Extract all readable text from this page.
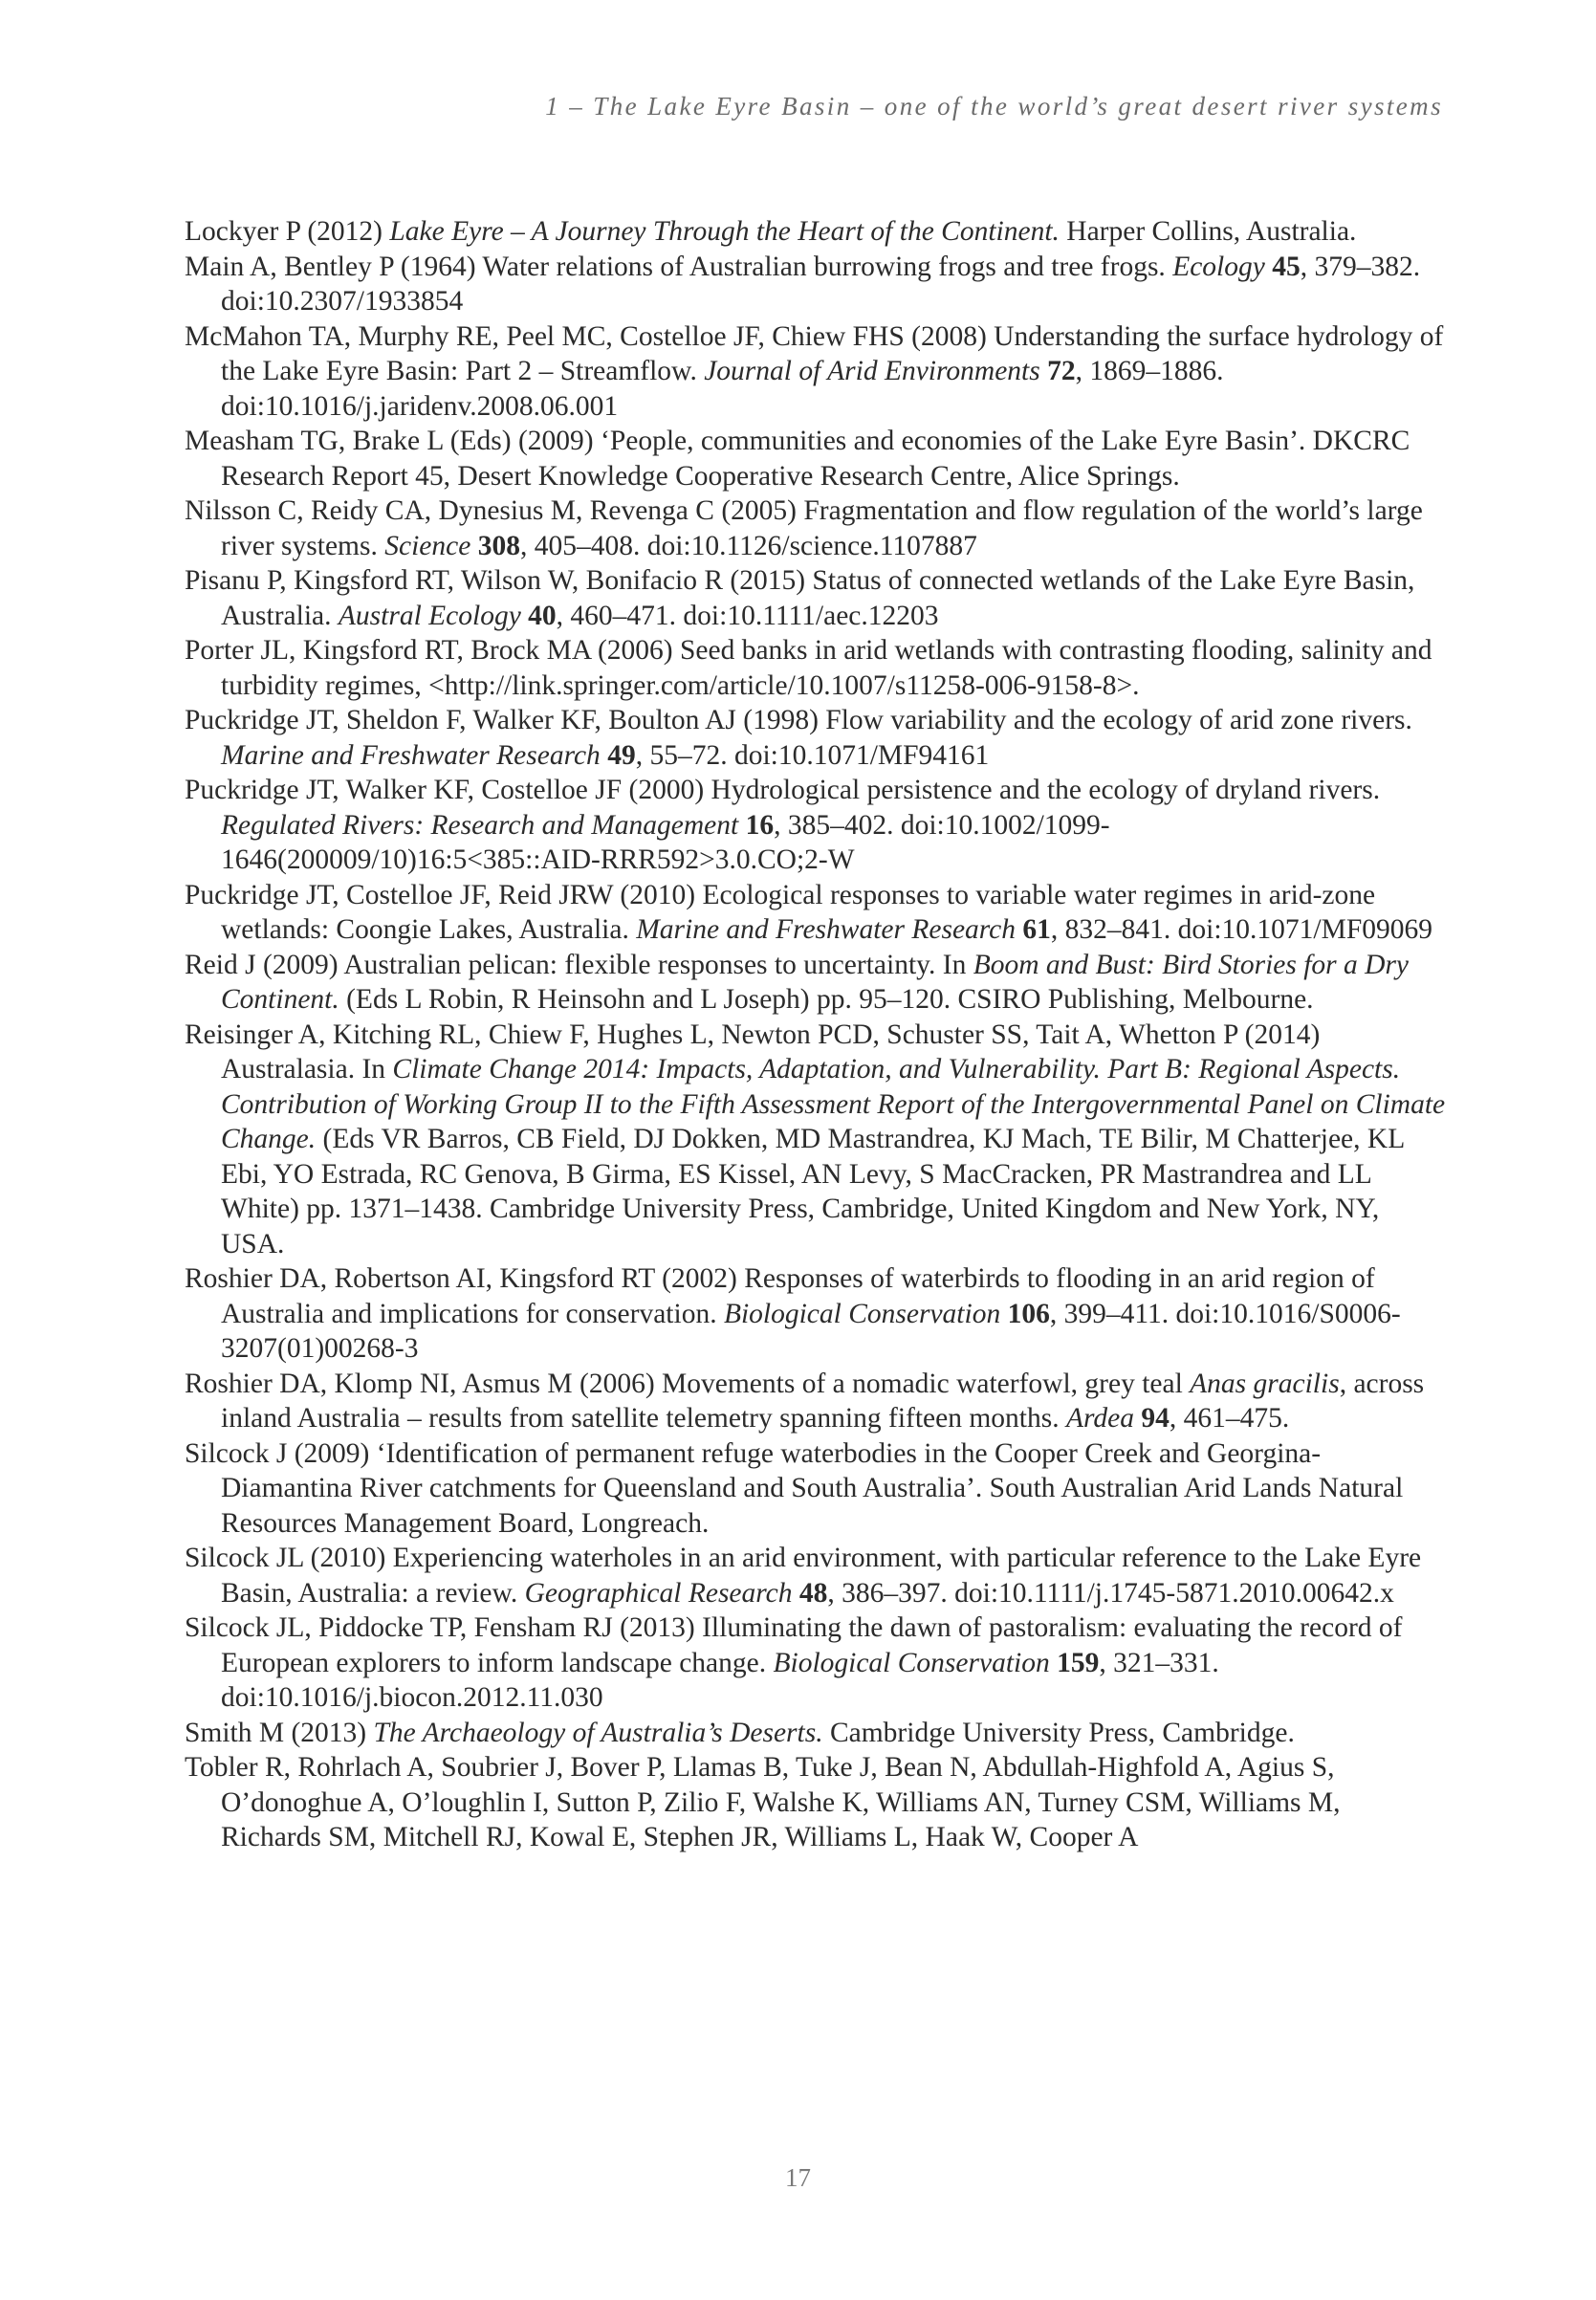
1 – The Lake Eyre Basin – one of the world’s great desert river systems

Lockyer P (2012) Lake Eyre – A Journey Through the Heart of the Continent. Harper Collins, Australia.

Main A, Bentley P (1964) Water relations of Australian burrowing frogs and tree frogs. Ecology 45, 379–382. doi:10.2307/1933854

McMahon TA, Murphy RE, Peel MC, Costelloe JF, Chiew FHS (2008) Understanding the surface hydrology of the Lake Eyre Basin: Part 2 – Streamflow. Journal of Arid Environments 72, 1869–1886. doi:10.1016/j.jaridenv.2008.06.001

Measham TG, Brake L (Eds) (2009) ‘People, communities and economies of the Lake Eyre Basin’. DKCRC Research Report 45, Desert Knowledge Cooperative Research Centre, Alice Springs.

Nilsson C, Reidy CA, Dynesius M, Revenga C (2005) Fragmentation and flow regulation of the world’s large river systems. Science 308, 405–408. doi:10.1126/science.1107887

Pisanu P, Kingsford RT, Wilson W, Bonifacio R (2015) Status of connected wetlands of the Lake Eyre Basin, Australia. Austral Ecology 40, 460–471. doi:10.1111/aec.12203

Porter JL, Kingsford RT, Brock MA (2006) Seed banks in arid wetlands with contrasting flooding, salinity and turbidity regimes, <http://link.springer.com/article/10.1007/s11258-006-9158-8>.

Puckridge JT, Sheldon F, Walker KF, Boulton AJ (1998) Flow variability and the ecology of arid zone rivers. Marine and Freshwater Research 49, 55–72. doi:10.1071/MF94161

Puckridge JT, Walker KF, Costelloe JF (2000) Hydrological persistence and the ecology of dryland rivers. Regulated Rivers: Research and Management 16, 385–402. doi:10.1002/1099-1646(200009/10)16:5<385::AID-RRR592>3.0.CO;2-W

Puckridge JT, Costelloe JF, Reid JRW (2010) Ecological responses to variable water regimes in arid-zone wetlands: Coongie Lakes, Australia. Marine and Freshwater Research 61, 832–841. doi:10.1071/MF09069

Reid J (2009) Australian pelican: flexible responses to uncertainty. In Boom and Bust: Bird Stories for a Dry Continent. (Eds L Robin, R Heinsohn and L Joseph) pp. 95–120. CSIRO Publishing, Melbourne.

Reisinger A, Kitching RL, Chiew F, Hughes L, Newton PCD, Schuster SS, Tait A, Whetton P (2014) Australasia. In Climate Change 2014: Impacts, Adaptation, and Vulnerability. Part B: Regional Aspects. Contribution of Working Group II to the Fifth Assessment Report of the Intergovernmental Panel on Climate Change. (Eds VR Barros, CB Field, DJ Dokken, MD Mastrandrea, KJ Mach, TE Bilir, M Chatterjee, KL Ebi, YO Estrada, RC Genova, B Girma, ES Kissel, AN Levy, S MacCracken, PR Mastrandrea and LL White) pp. 1371–1438. Cambridge University Press, Cambridge, United Kingdom and New York, NY, USA.

Roshier DA, Robertson AI, Kingsford RT (2002) Responses of waterbirds to flooding in an arid region of Australia and implications for conservation. Biological Conservation 106, 399–411. doi:10.1016/S0006-3207(01)00268-3

Roshier DA, Klomp NI, Asmus M (2006) Movements of a nomadic waterfowl, grey teal Anas gracilis, across inland Australia – results from satellite telemetry spanning fifteen months. Ardea 94, 461–475.

Silcock J (2009) ‘Identification of permanent refuge waterbodies in the Cooper Creek and Georgina-Diamantina River catchments for Queensland and South Australia’. South Australian Arid Lands Natural Resources Management Board, Longreach.

Silcock JL (2010) Experiencing waterholes in an arid environment, with particular reference to the Lake Eyre Basin, Australia: a review. Geographical Research 48, 386–397. doi:10.1111/j.1745-5871.2010.00642.x

Silcock JL, Piddocke TP, Fensham RJ (2013) Illuminating the dawn of pastoralism: evaluating the record of European explorers to inform landscape change. Biological Conservation 159, 321–331. doi:10.1016/j.biocon.2012.11.030

Smith M (2013) The Archaeology of Australia’s Deserts. Cambridge University Press, Cambridge.

Tobler R, Rohrlach A, Soubrier J, Bover P, Llamas B, Tuke J, Bean N, Abdullah-Highfold A, Agius S, O’donoghue A, O’loughlin I, Sutton P, Zilio F, Walshe K, Williams AN, Turney CSM, Williams M, Richards SM, Mitchell RJ, Kowal E, Stephen JR, Williams L, Haak W, Cooper A

17
